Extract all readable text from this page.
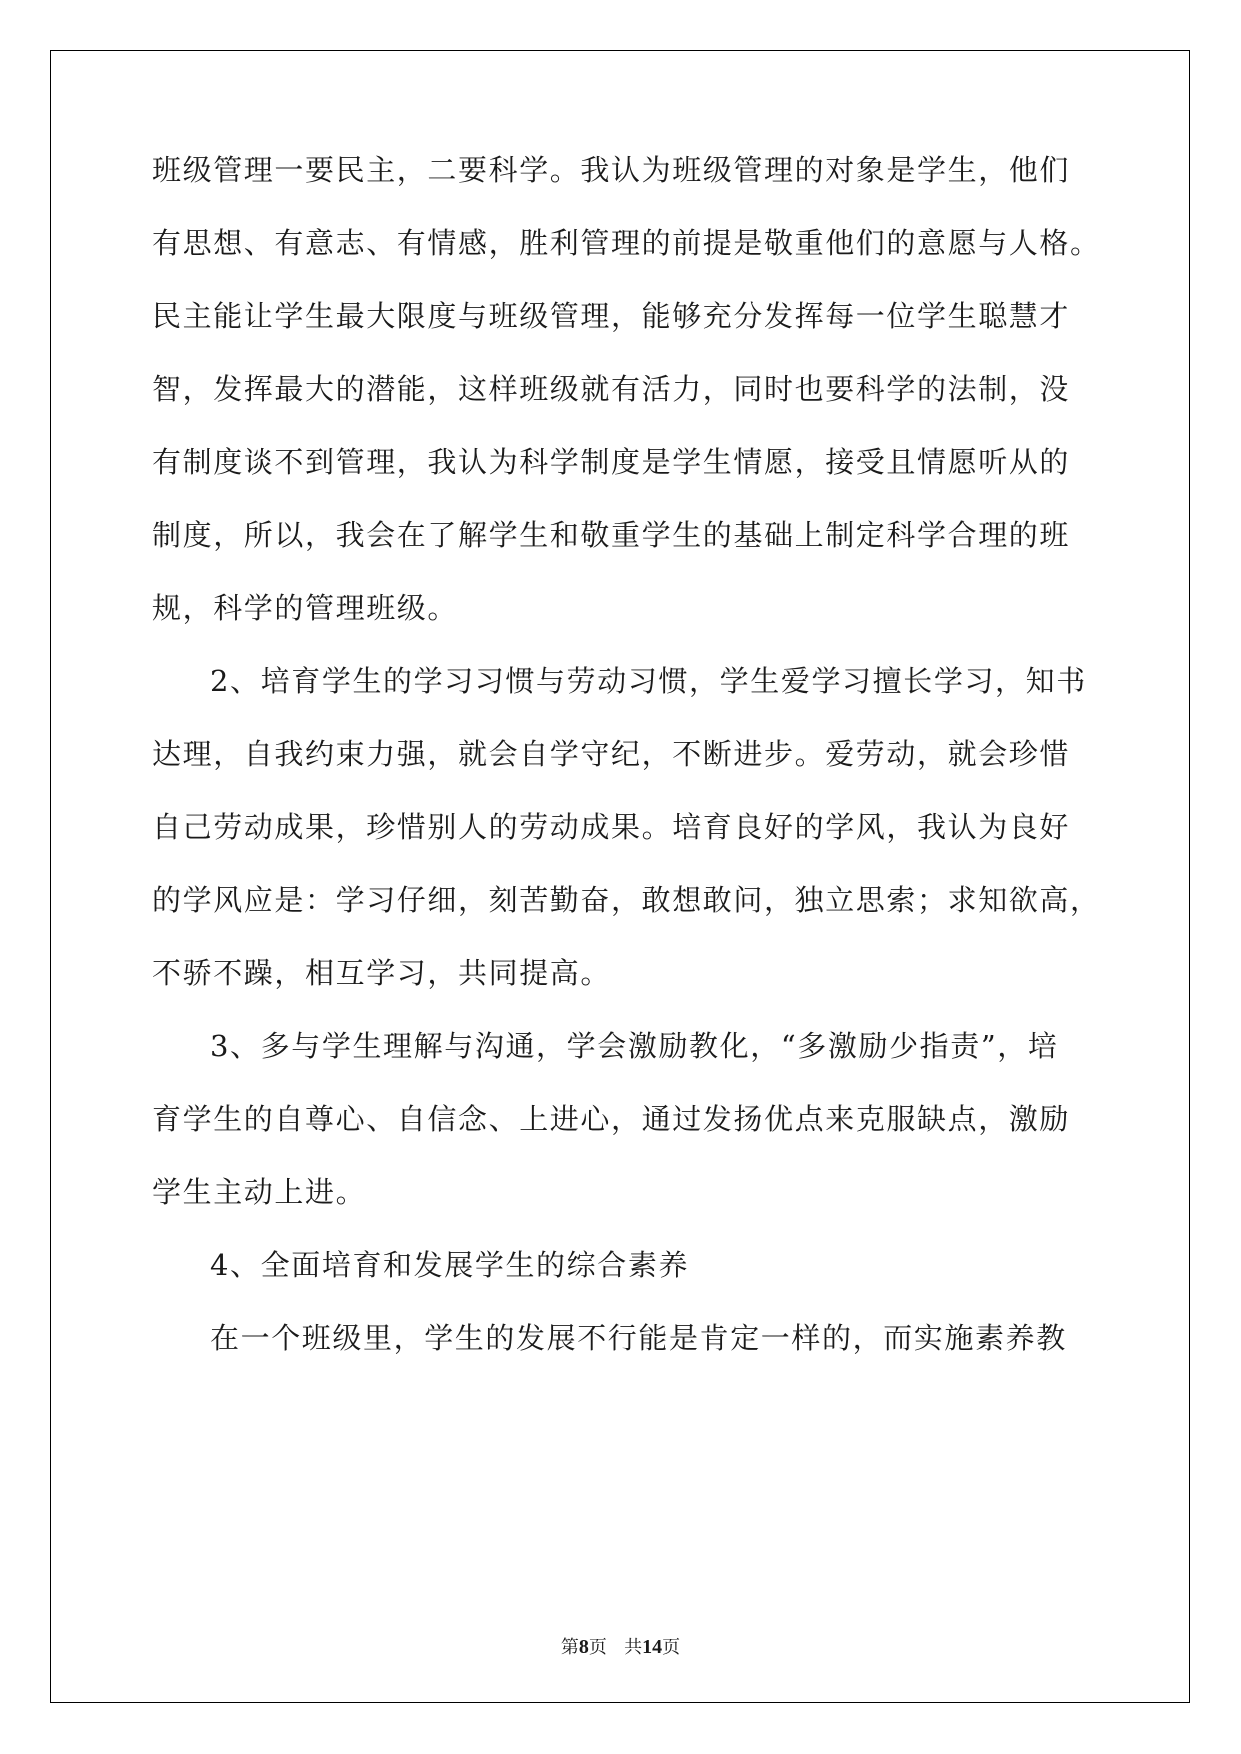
班级管理一要民主，二要科学。我认为班级管理的对象是学生，他们
有思想、有意志、有情感，胜利管理的前提是敬重他们的意愿与人格。
民主能让学生最大限度与班级管理，能够充分发挥每一位学生聪慧才
智，发挥最大的潜能，这样班级就有活力，同时也要科学的法制，没
有制度谈不到管理，我认为科学制度是学生情愿，接受且情愿听从的
制度，所以，我会在了解学生和敬重学生的基础上制定科学合理的班
规，科学的管理班级。
2、培育学生的学习习惯与劳动习惯，学生爱学习擅长学习，知书
达理，自我约束力强，就会自学守纪，不断进步。爱劳动，就会珍惜
自己劳动成果，珍惜别人的劳动成果。培育良好的学风，我认为良好
的学风应是：学习仔细，刻苦勤奋，敢想敢问，独立思索；求知欲高，
不骄不躁，相互学习，共同提高。
3、多与学生理解与沟通，学会激励教化，“多激励少指责”，培
育学生的自尊心、自信念、上进心，通过发扬优点来克服缺点，激励
学生主动上进。
4、全面培育和发展学生的综合素养
在一个班级里，学生的发展不行能是肯定一样的，而实施素养教
第8页 共14页
